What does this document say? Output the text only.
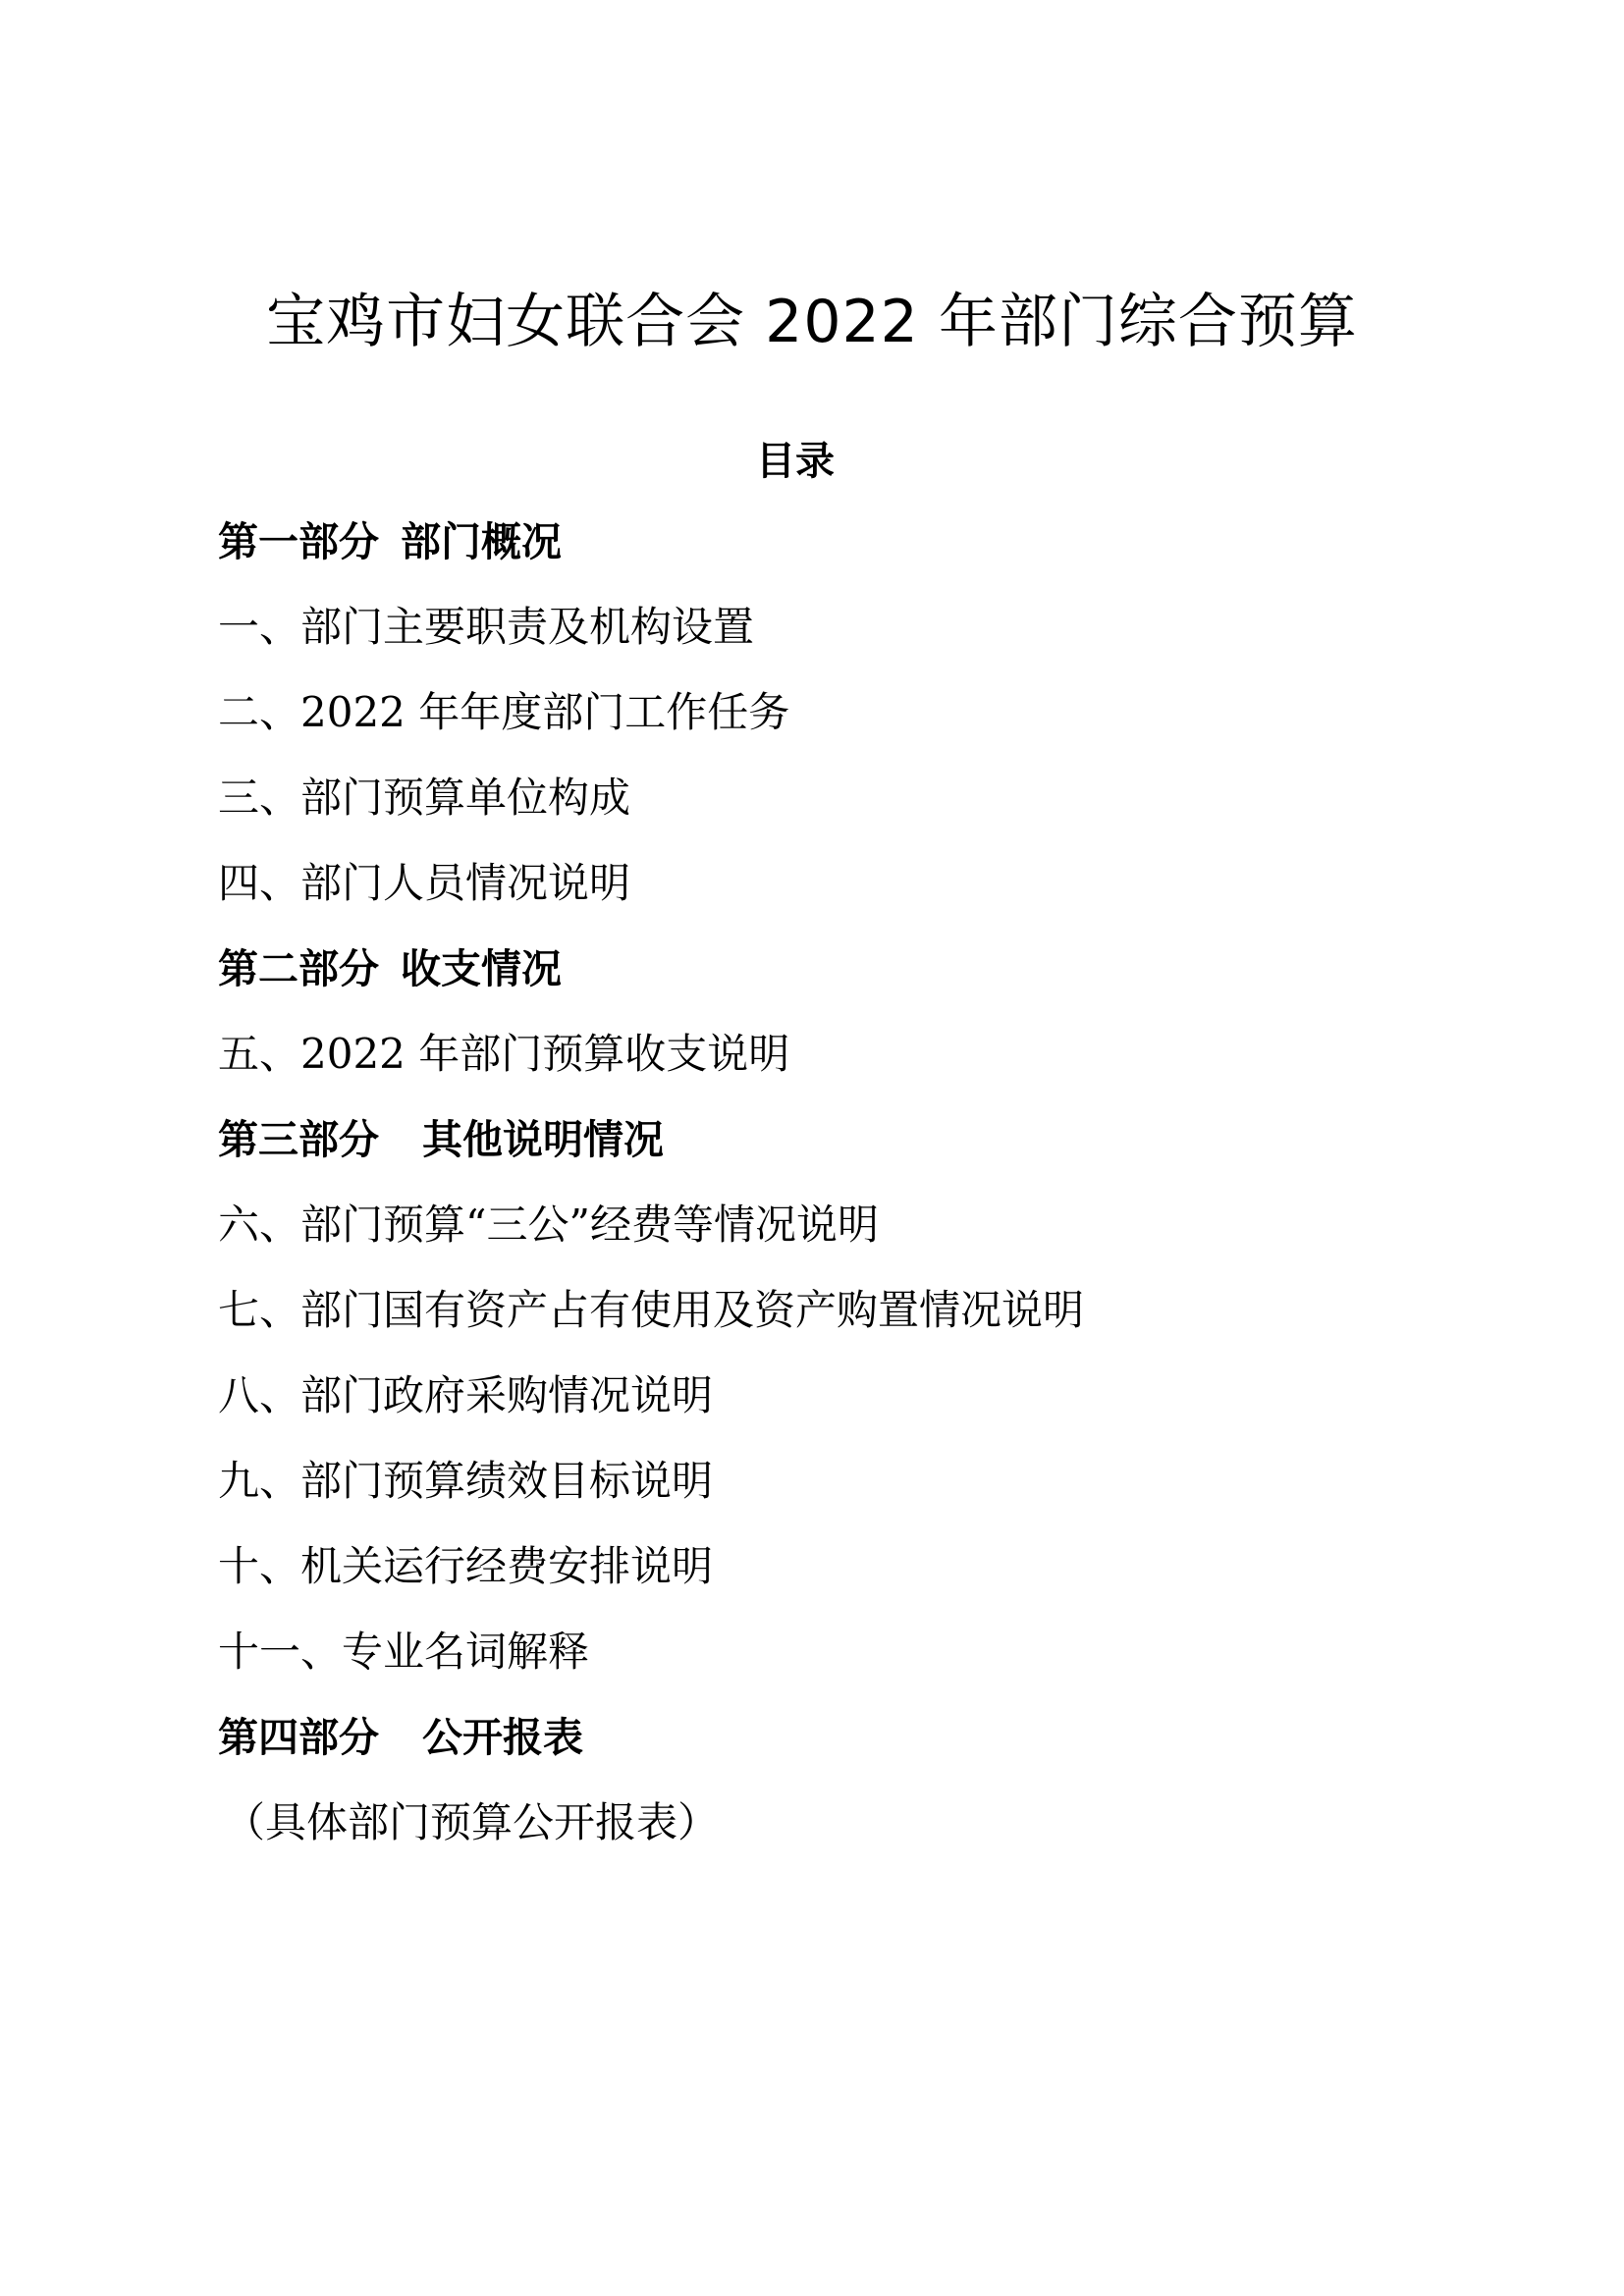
宝鸡市妇女联合会 2022 年部门综合预算
目录
第一部分 部门概况
一、部门主要职责及机构设置
二、2022 年年度部门工作任务
三、部门预算单位构成
四、部门人员情况说明
第二部分 收支情况
五、2022 年部门预算收支说明
第三部分 其他说明情况
六、部门预算“三公”经费等情况说明
七、部门国有资产占有使用及资产购置情况说明
八、部门政府采购情况说明
九、部门预算绩效目标说明
十、机关运行经费安排说明
十一、专业名词解释
第四部分 公开报表
（具体部门预算公开报表）
